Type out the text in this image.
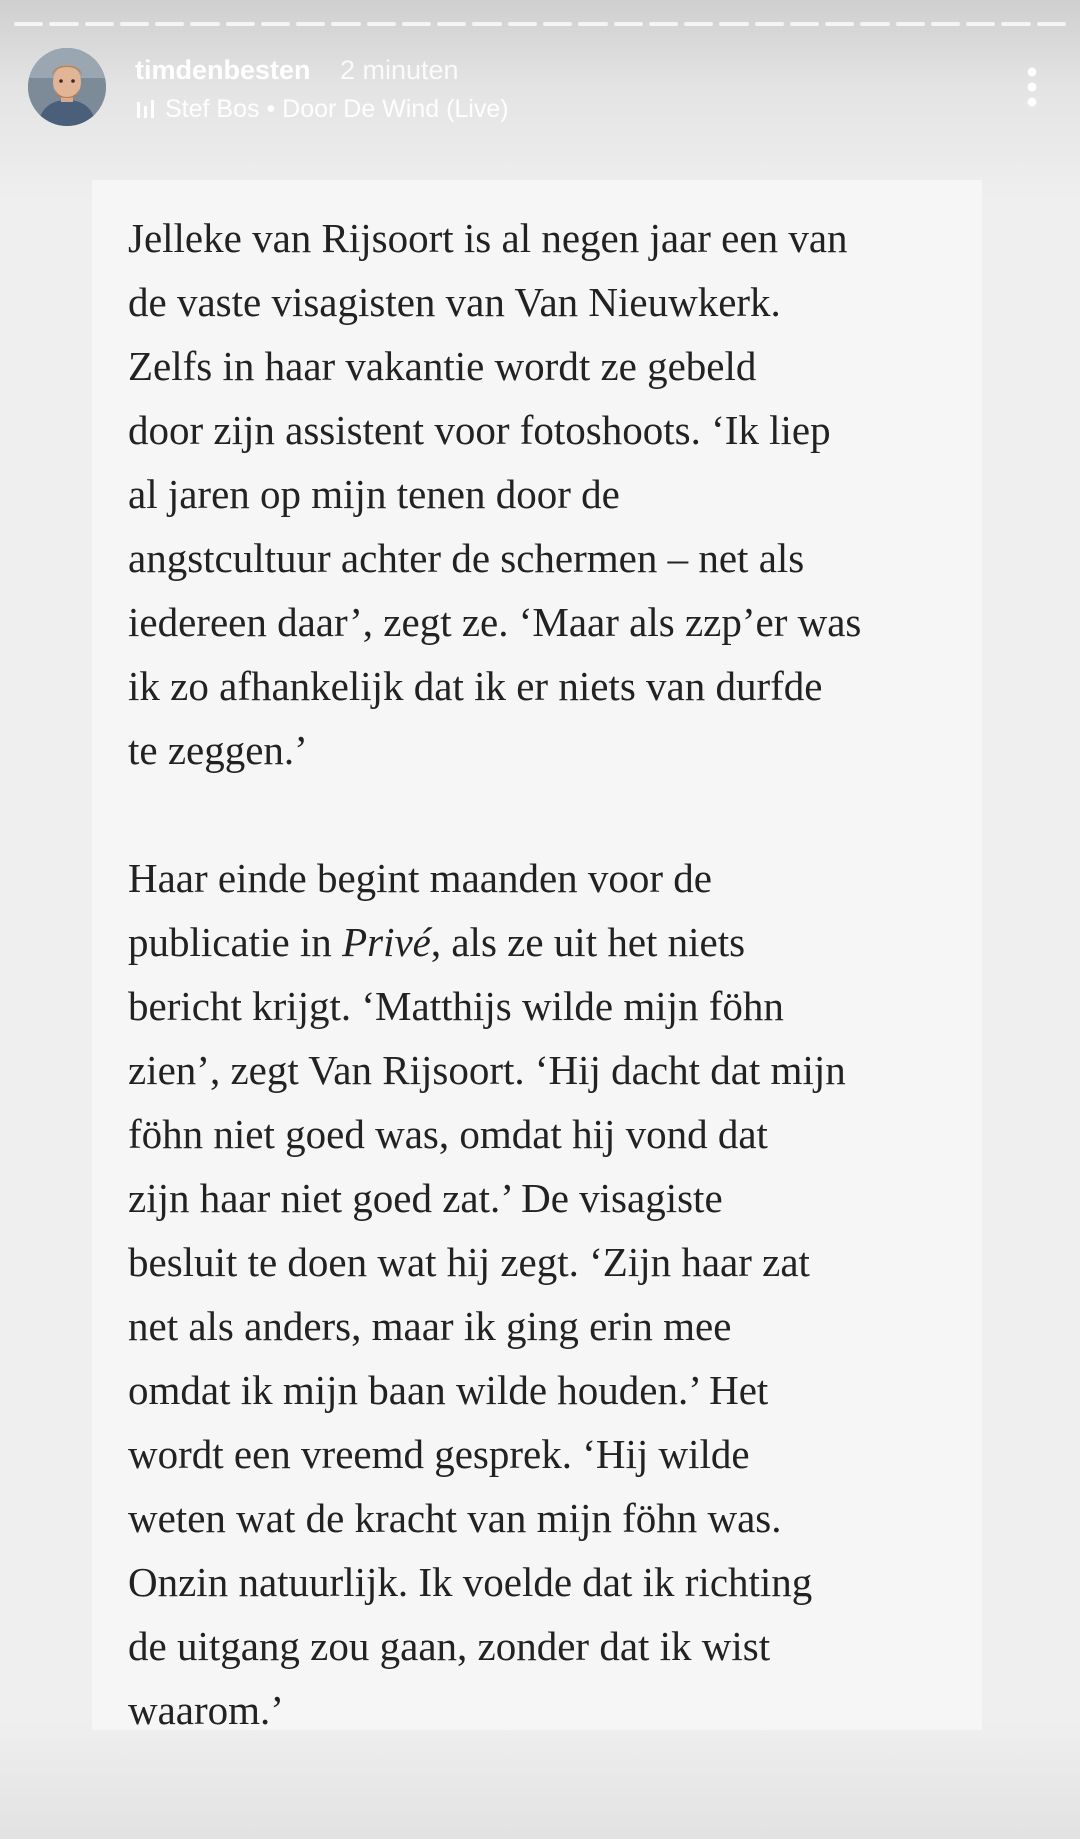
timdenbesten 2 minuten
Stef Bos • Door De Wind (Live)
Jelleke van Rijsoort is al negen jaar een van
de vaste visagisten van Van Nieuwkerk.
Zelfs in haar vakantie wordt ze gebeld
door zijn assistent voor fotoshoots. ‘Ik liep
al jaren op mijn tenen door de
angstcultuur achter de schermen – net als
iedereen daar’, zegt ze. ‘Maar als zzp’er was
ik zo afhankelijk dat ik er niets van durfde
te zeggen.’
Haar einde begint maanden voor de
publicatie in Privé, als ze uit het niets
bericht krijgt. ‘Matthijs wilde mijn föhn
zien’, zegt Van Rijsoort. ‘Hij dacht dat mijn
föhn niet goed was, omdat hij vond dat
zijn haar niet goed zat.’ De visagiste
besluit te doen wat hij zegt. ‘Zijn haar zat
net als anders, maar ik ging erin mee
omdat ik mijn baan wilde houden.’ Het
wordt een vreemd gesprek. ‘Hij wilde
weten wat de kracht van mijn föhn was.
Onzin natuurlijk. Ik voelde dat ik richting
de uitgang zou gaan, zonder dat ik wist
waarom.’
